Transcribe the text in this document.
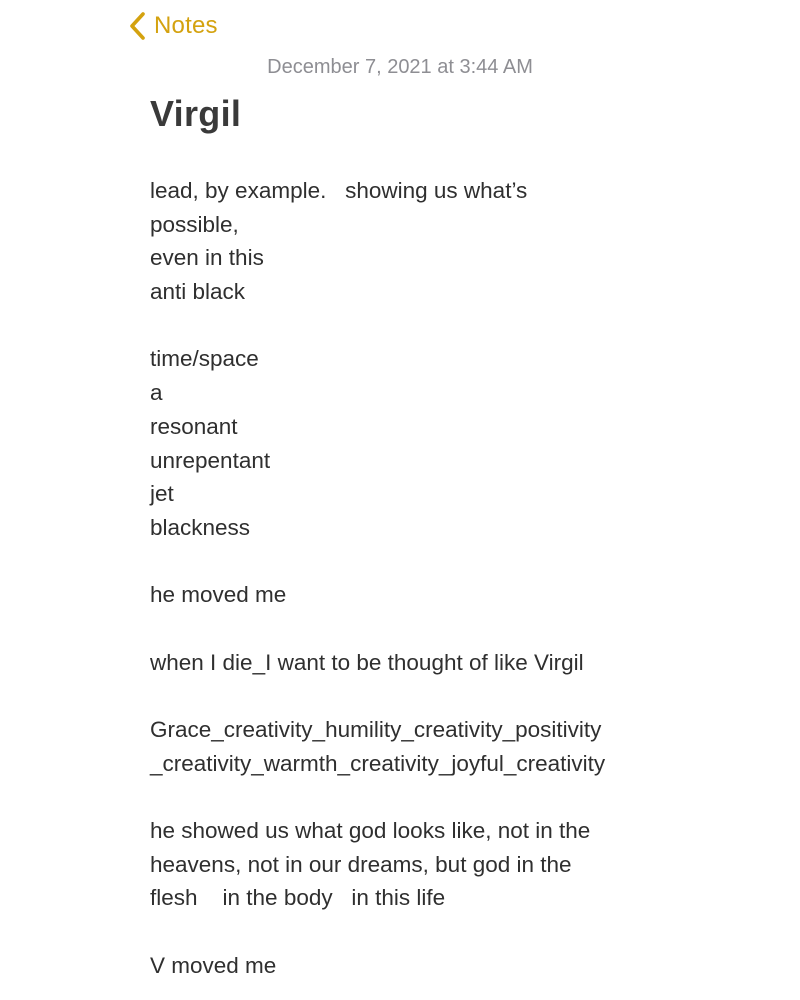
Notes
December 7, 2021 at 3:44 AM
Virgil
lead, by example.   showing us what’s
possible,
even in this
anti black
time/space
a
resonant
unrepentant
jet
blackness
he moved me
when I die_I want to be thought of like Virgil
Grace_creativity_humility_creativity_positivity
_creativity_warmth_creativity_joyful_creativity
he showed us what god looks like, not in the
heavens, not in our dreams, but god in the
flesh    in the body   in this life
V moved me
